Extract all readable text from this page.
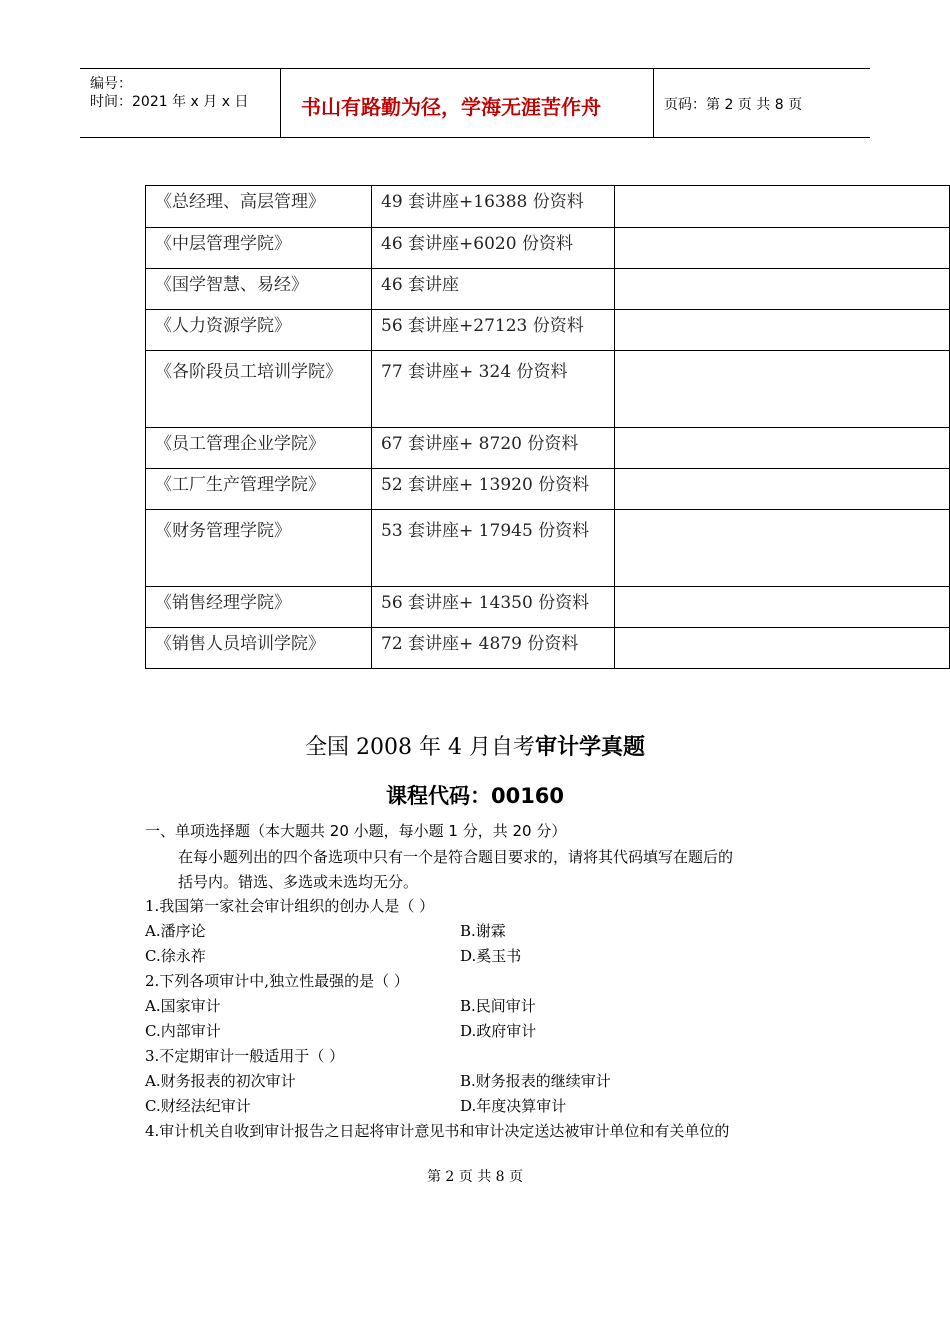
编号：
时间：2021 年 x 月 x 日	书山有路勤为径，学海无涯苦作舟	页码：第 2 页 共 8 页
《总经理、高层管理》	49 套讲座+16388 份资料	
《中层管理学院》	46 套讲座+6020 份资料	
《国学智慧、易经》	46 套讲座	
《人力资源学院》	56 套讲座+27123 份资料	
《各阶段员工培训学院》	77 套讲座+ 324 份资料	
《员工管理企业学院》	67 套讲座+ 8720 份资料	
《工厂生产管理学院》	52 套讲座+ 13920 份资料	
《财务管理学院》	53 套讲座+ 17945 份资料	
《销售经理学院》	56 套讲座+ 14350 份资料	
《销售人员培训学院》	72 套讲座+ 4879 份资料	
全国 2008 年 4 月自考审计学真题
课程代码：00160
一、单项选择题（本大题共 20 小题，每小题 1 分，共 20 分）
在每小题列出的四个备选项中只有一个是符合题目要求的，请将其代码填写在题后的
括号内。错选、多选或未选均无分。
1.我国第一家社会审计组织的创办人是（ ）
A.潘序论	B.谢霖
C.徐永祚	D.奚玉书
2.下列各项审计中,独立性最强的是（ ）
A.国家审计	B.民间审计
C.内部审计	D.政府审计
3.不定期审计一般适用于（ ）
A.财务报表的初次审计	B.财务报表的继续审计
C.财经法纪审计	D.年度决算审计
4.审计机关自收到审计报告之日起将审计意见书和审计决定送达被审计单位和有关单位的
第 2 页 共 8 页
